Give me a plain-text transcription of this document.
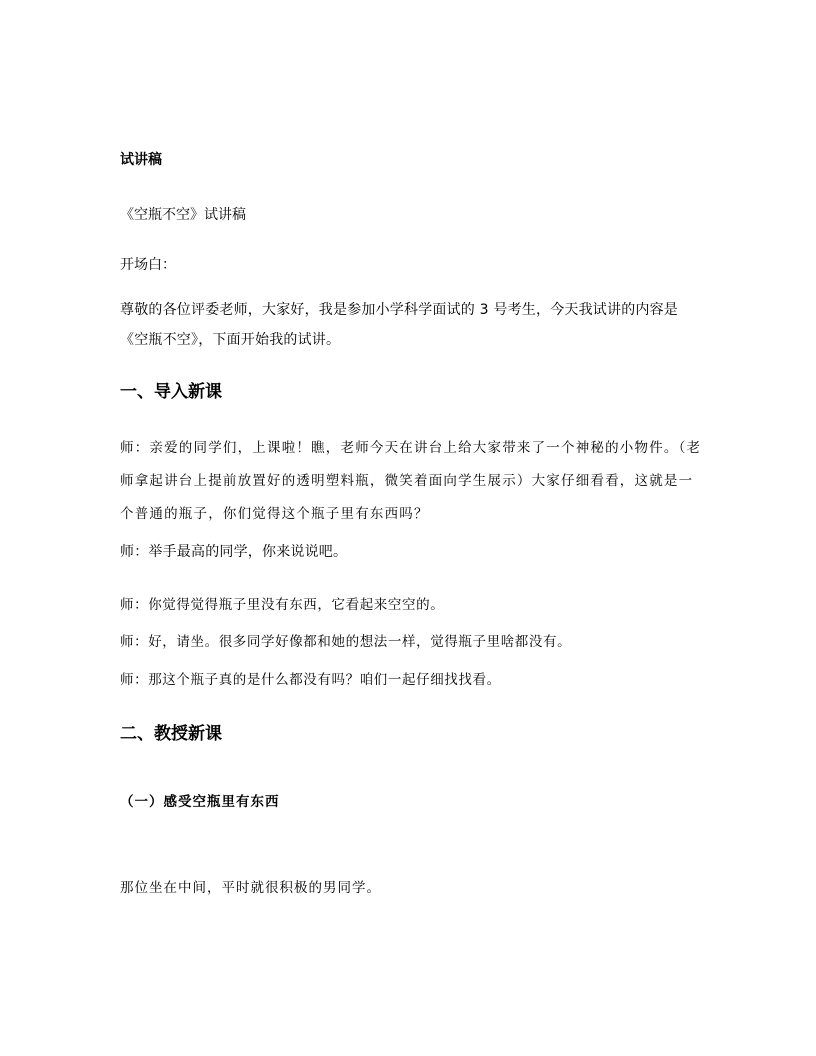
试讲稿
《空瓶不空》试讲稿
开场白：
尊敬的各位评委老师，大家好，我是参加小学科学面试的 3 号考生，今天我试讲的内容是《空瓶不空》，下面开始我的试讲。
一、导入新课
师：亲爱的同学们，上课啦！瞧，老师今天在讲台上给大家带来了一个神秘的小物件。（老师拿起讲台上提前放置好的透明塑料瓶，微笑着面向学生展示）大家仔细看看，这就是一个普通的瓶子，你们觉得这个瓶子里有东西吗？
师：举手最高的同学，你来说说吧。
师：你觉得觉得瓶子里没有东西，它看起来空空的。
师：好，请坐。很多同学好像都和她的想法一样，觉得瓶子里啥都没有。
师：那这个瓶子真的是什么都没有吗？咱们一起仔细找找看。
二、教授新课
（一）感受空瓶里有东西
那位坐在中间，平时就很积极的男同学。
